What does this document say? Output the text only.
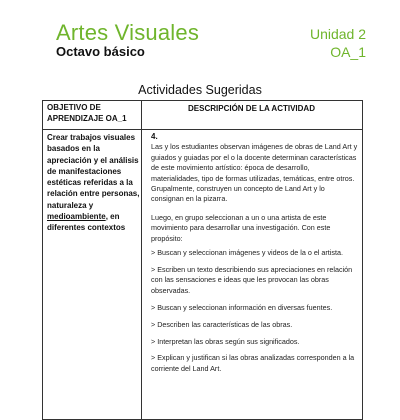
Artes Visuales
Octavo básico
Unidad 2
OA_1
Actividades Sugeridas
OBJETIVO DE APRENDIZAJE OA_1
DESCRIPCIÓN DE LA ACTIVIDAD
Crear trabajos visuales basados en la apreciación y el análisis de manifestaciones estéticas referidas a la relación entre personas, naturaleza y medioambiente, en diferentes contextos

4.

Las y los estudiantes observan imágenes de obras de Land Art y guiados y guiadas por el o la docente determinan características de este movimiento artístico: época de desarrollo, materialidades, tipo de formas utilizadas, temáticas, entre otros. Grupalmente, construyen un concepto de Land Art y lo consignan en la pizarra.

Luego, en grupo seleccionan a un o una artista de este movimiento para desarrollar una investigación. Con este propósito:

> Buscan y seleccionan imágenes y videos de la o el artista.

> Escriben un texto describiendo sus apreciaciones en relación con las sensaciones e ideas que les provocan las obras observadas.

> Buscan y seleccionan información en diversas fuentes.

> Describen las características de las obras.

> Interpretan las obras según sus significados.

> Explican y justifican si las obras analizadas corresponden a la corriente del Land Art.
